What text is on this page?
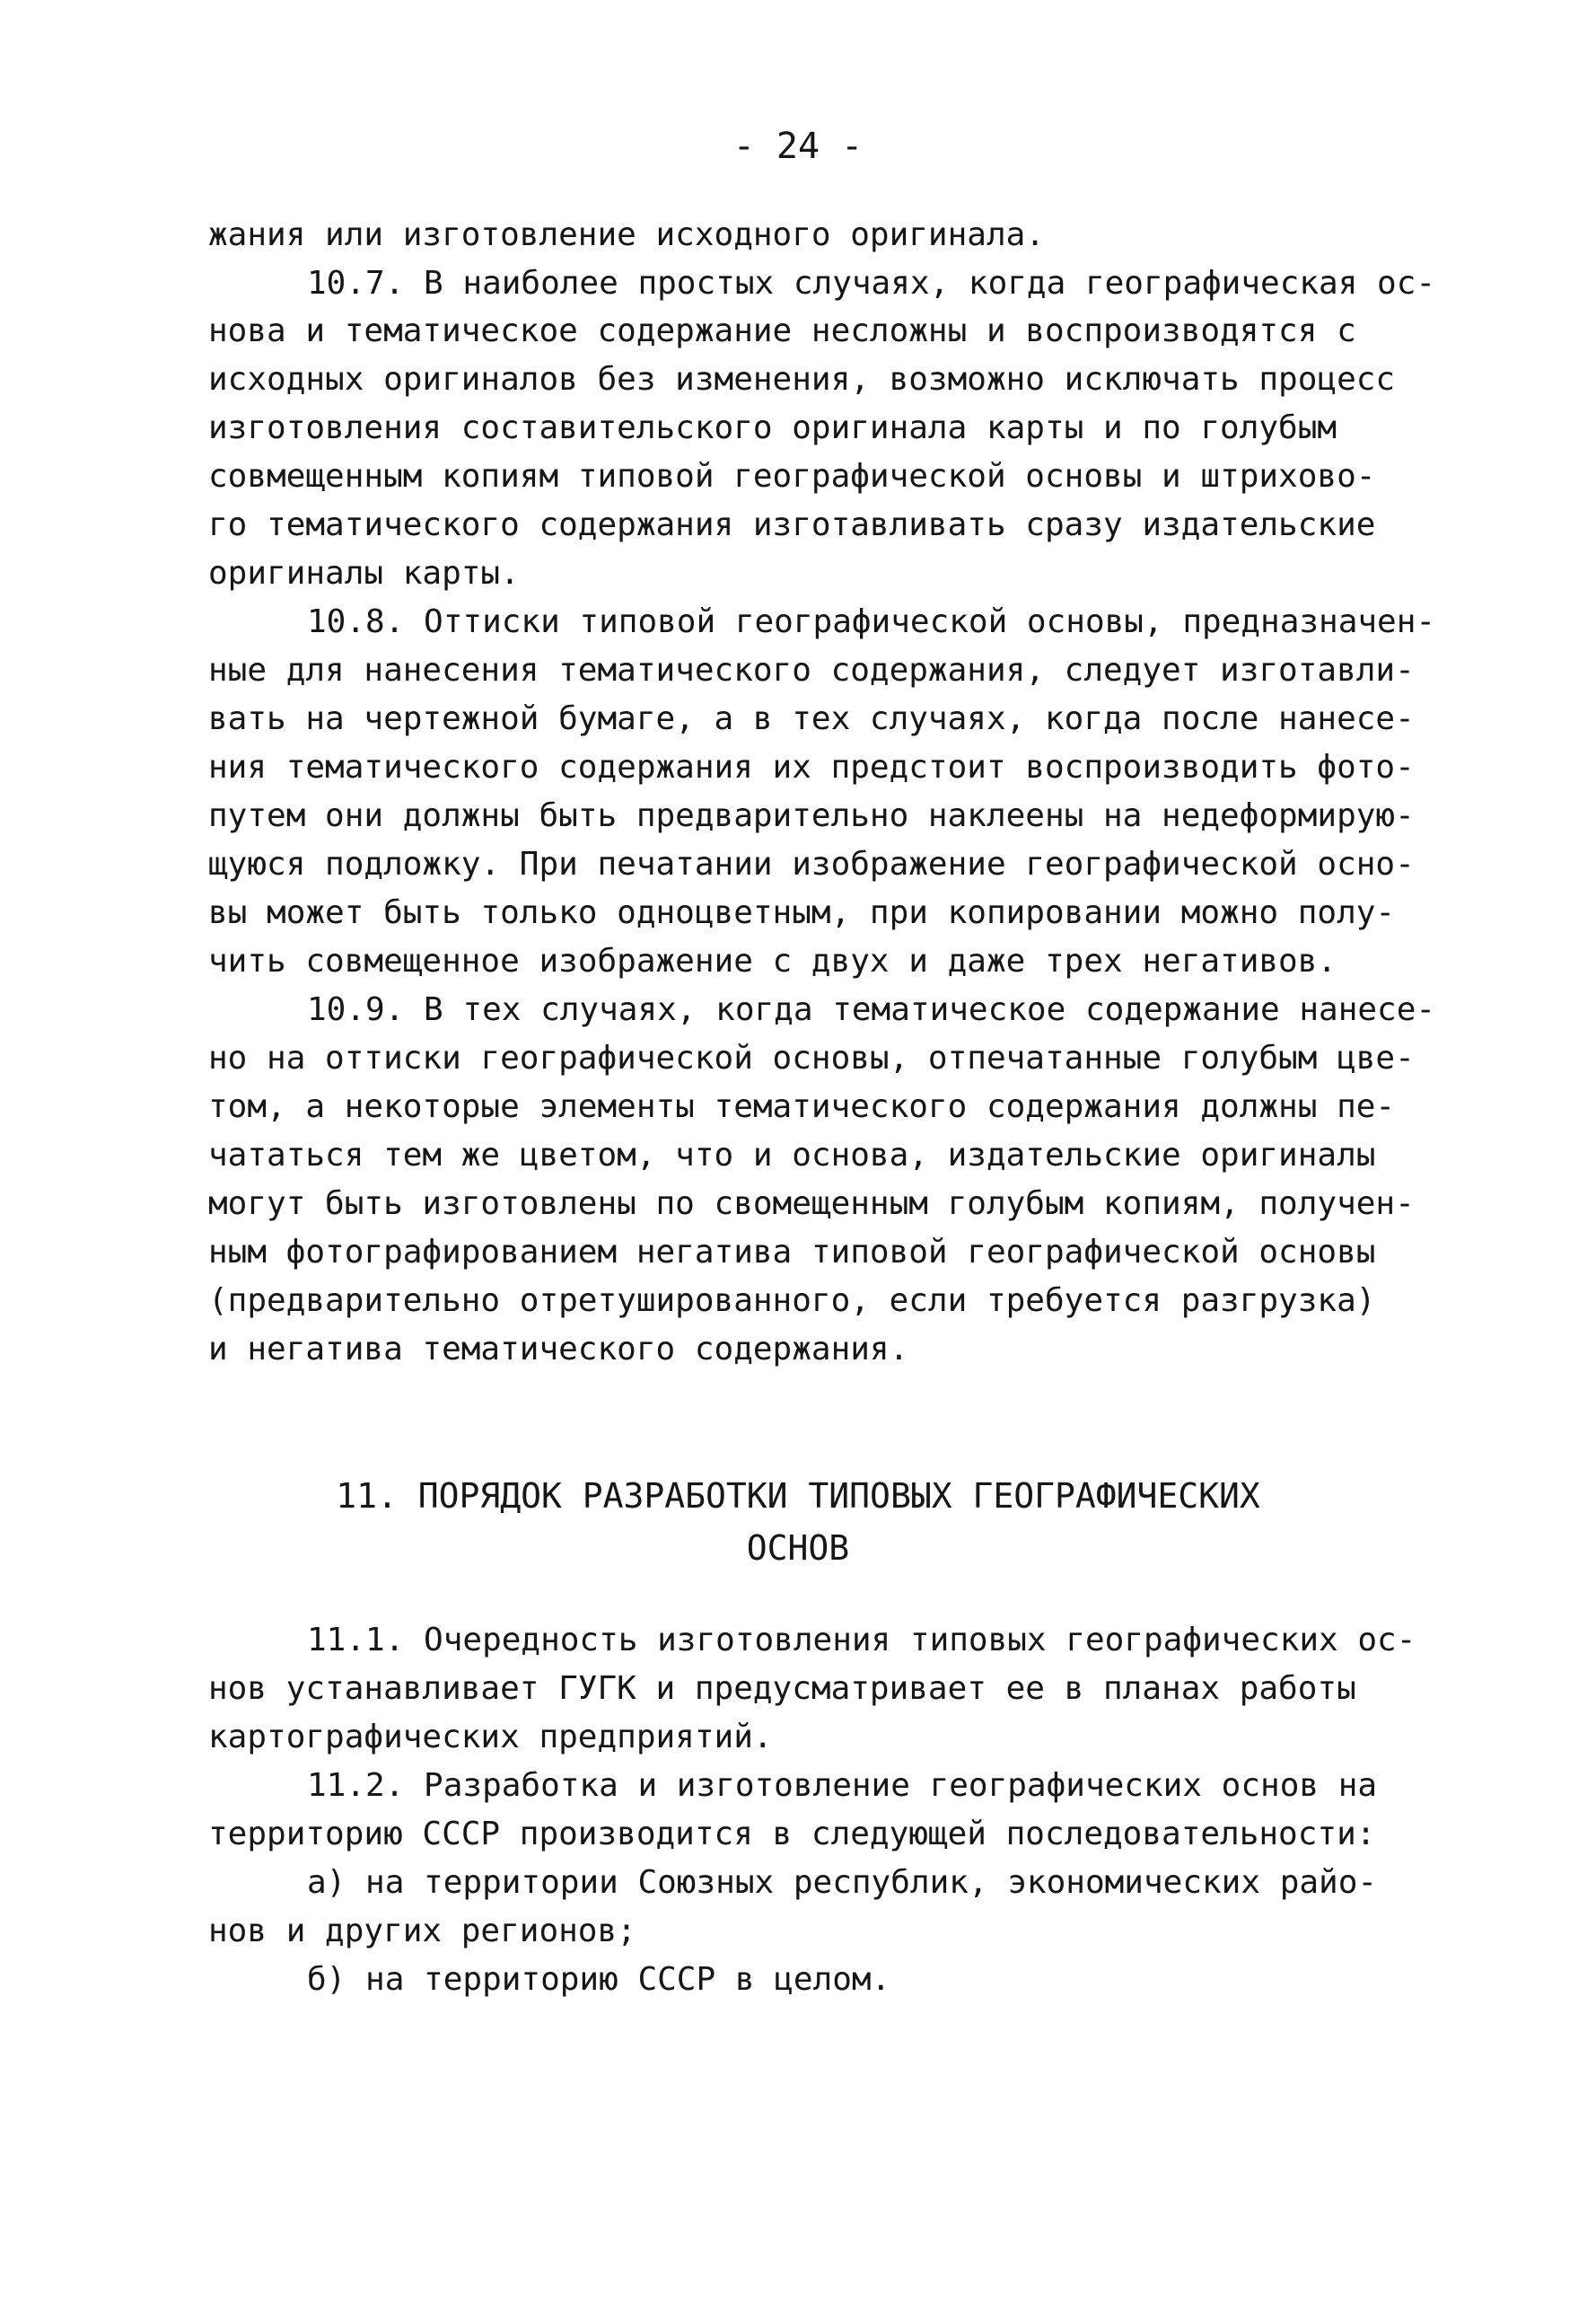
- 24 -
жания или изготовление исходного оригинала.
10.7. В наиболее простых случаях, когда географическая ос-
нова и тематическое содержание несложны и воспроизводятся с
исходных оригиналов без изменения, возможно исключать процесс
изготовления составительского оригинала карты и по голубым
совмещенным копиям типовой географической основы и штрихово-
го тематического содержания изготавливать сразу издательские
оригиналы карты.
10.8. Оттиски типовой географической основы, предназначен-
ные для нанесения тематического содержания, следует изготавли-
вать на чертежной бумаге, а в тех случаях, когда после нанесе-
ния тематического содержания их предстоит воспроизводить фото-
путем они должны быть предварительно наклеены на недеформирую-
щуюся подложку. При печатании изображение географической осно-
вы может быть только одноцветным, при копировании можно полу-
чить совмещенное изображение с двух и даже трех негативов.
10.9. В тех случаях, когда тематическое содержание нанесе-
но на оттиски географической основы, отпечатанные голубым цве-
том, а некоторые элементы тематического содержания должны пе-
чататься тем же цветом, что и основа, издательские оригиналы
могут быть изготовлены по свомещенным голубым копиям, получен-
ным фотографированием негатива типовой географической основы
(предварительно отретушированного, если требуется разгрузка)
и негатива тематического содержания.
11. ПОРЯДОК РАЗРАБОТКИ ТИПОВЫХ ГЕОГРАФИЧЕСКИХ
ОСНОВ
11.1. Очередность изготовления типовых географических ос-
нов устанавливает ГУГК и предусматривает ее в планах работы
картографических предприятий.
11.2. Разработка и изготовление географических основ на
территорию СССР производится в следующей последовательности:
а) на территории Союзных республик, экономических райо-
нов и других регионов;
б) на территорию СССР в целом.
